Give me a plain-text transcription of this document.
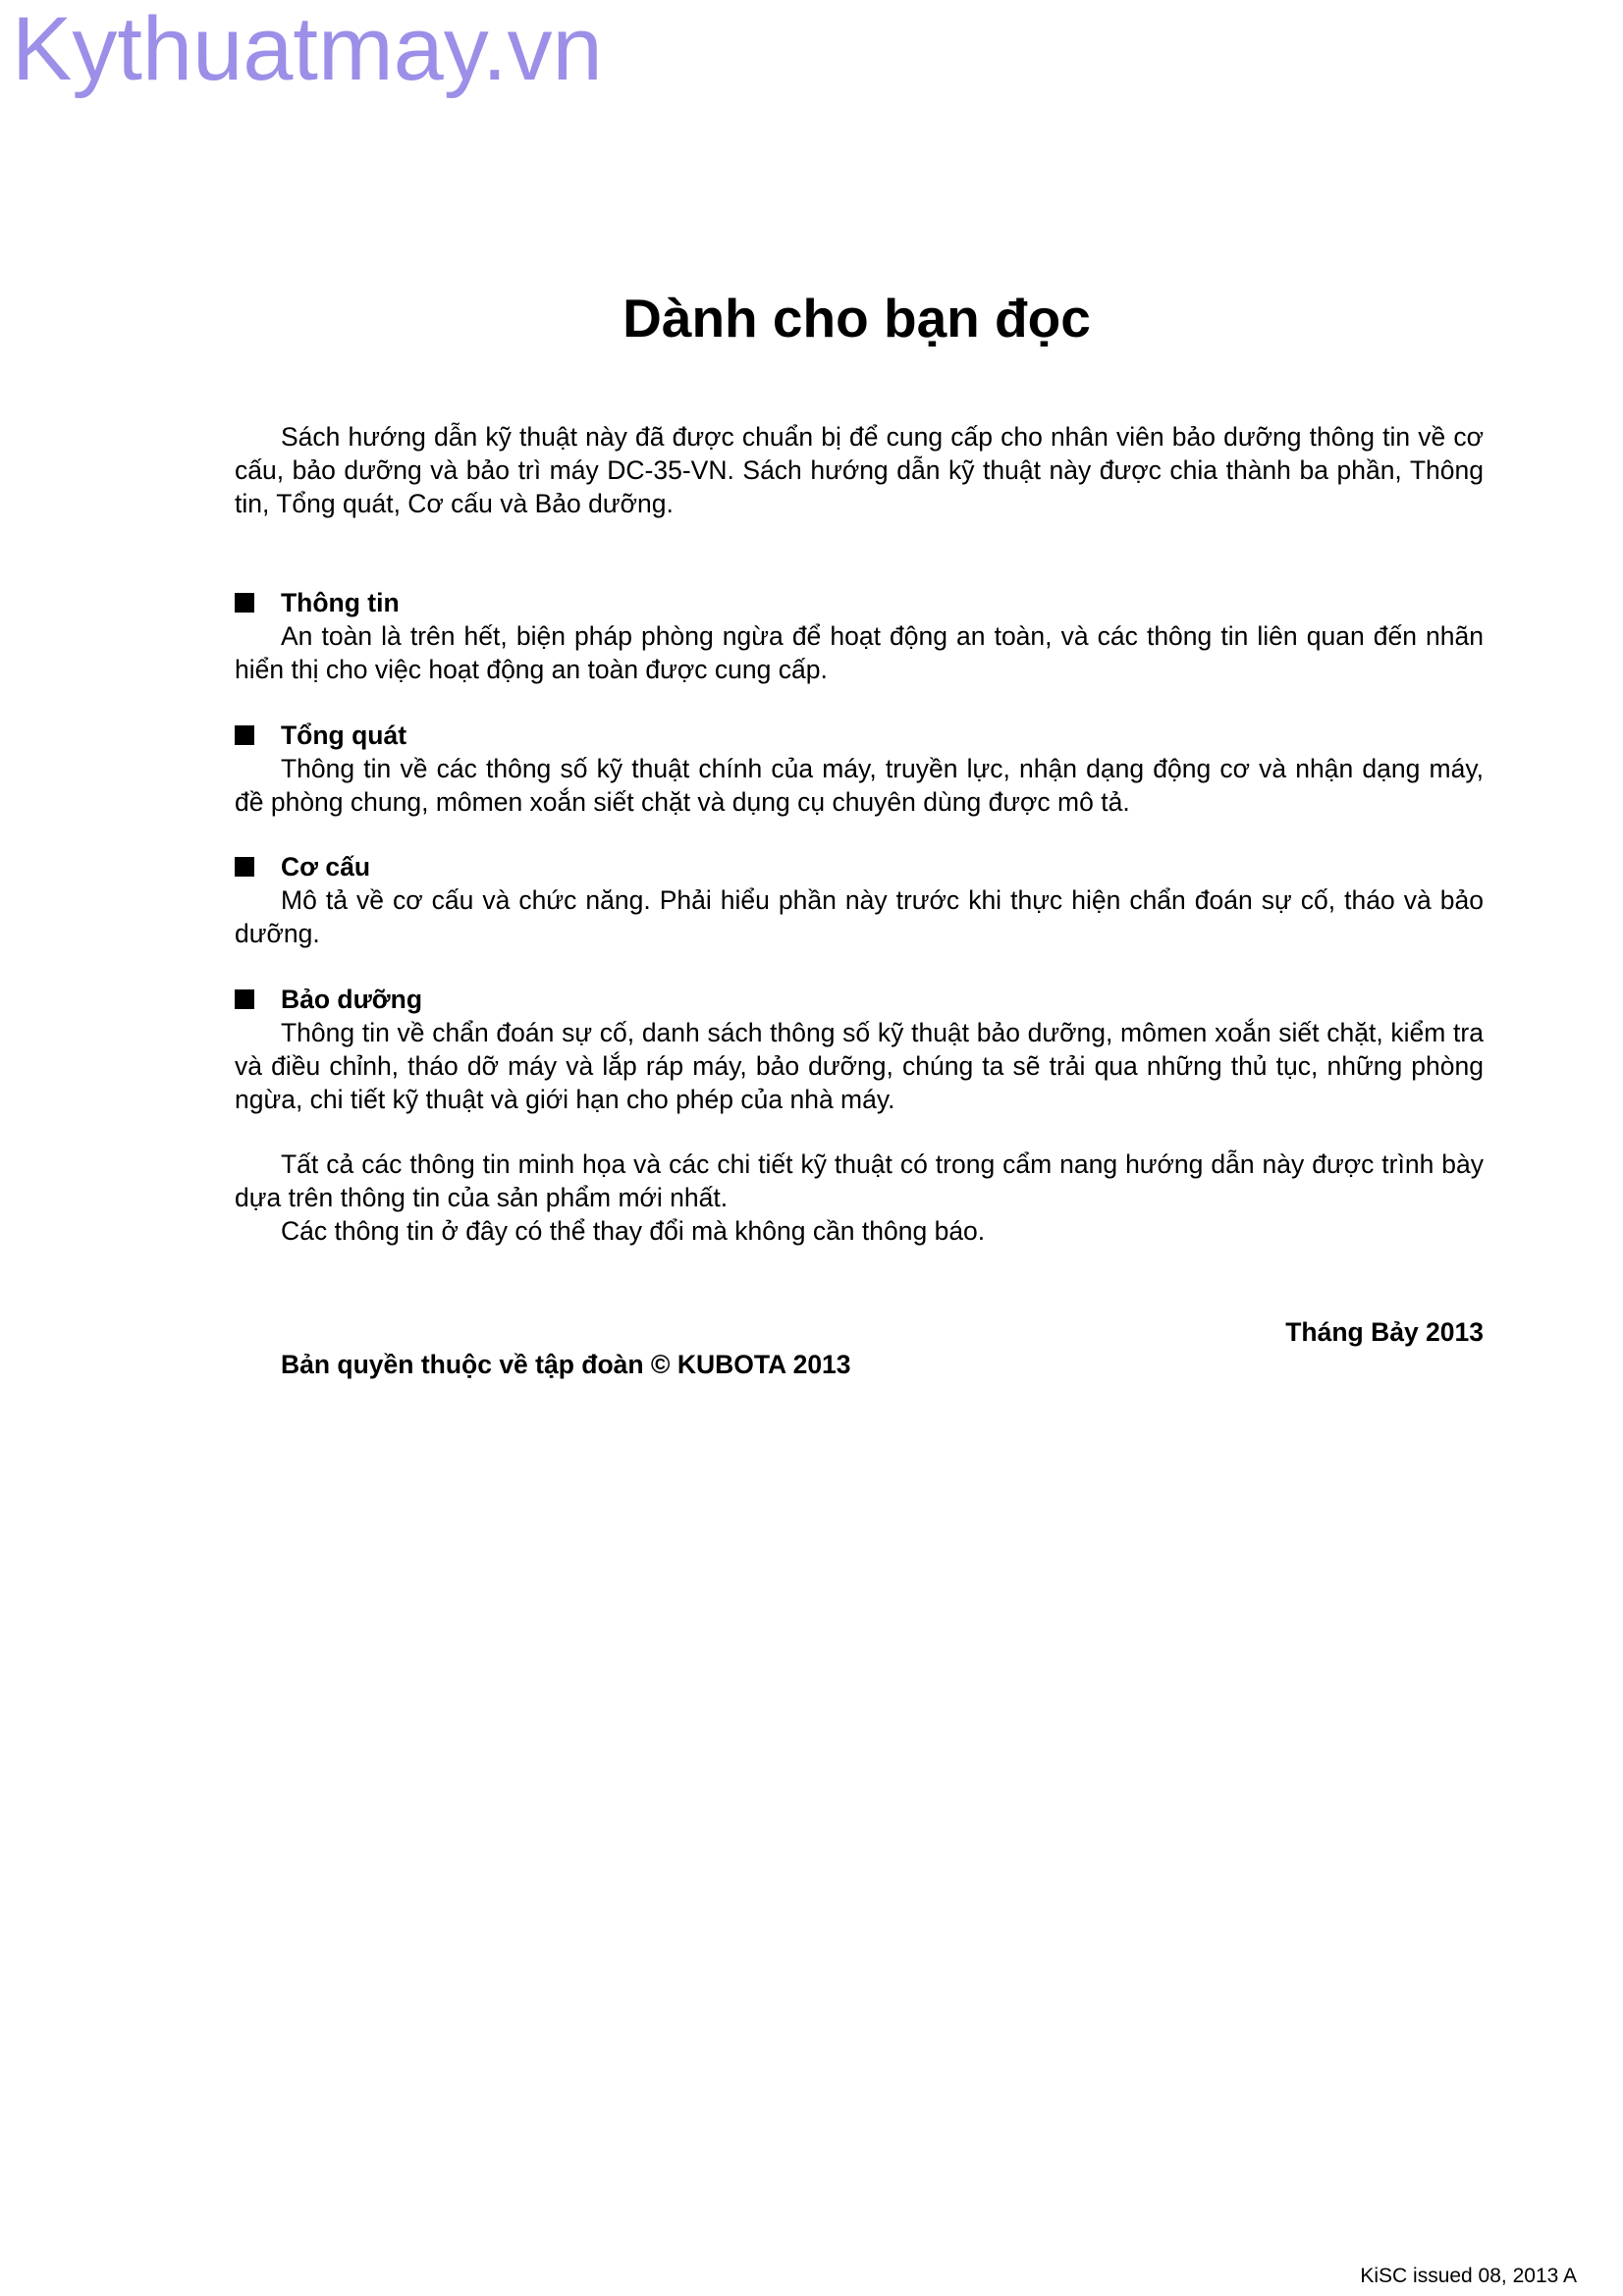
Kythuatmay.vn
Dành cho bạn đọc

Sách hướng dẫn kỹ thuật này đã được chuẩn bị để cung cấp cho nhân viên bảo dưỡng thông tin về cơ cấu, bảo dưỡng và bảo trì máy DC-35-VN. Sách hướng dẫn kỹ thuật này được chia thành ba phần, Thông tin, Tổng quát, Cơ cấu và Bảo dưỡng.

Thông tin

An toàn là trên hết, biện pháp phòng ngừa để hoạt động an toàn, và các thông tin liên quan đến nhãn hiển thị cho việc hoạt động an toàn được cung cấp.

Tổng quát

Thông tin về các thông số kỹ thuật chính của máy, truyền lực, nhận dạng động cơ và nhận dạng máy, đề phòng chung, mômen xoắn siết chặt và dụng cụ chuyên dùng được mô tả.

Cơ cấu

Mô tả về cơ cấu và chức năng. Phải hiểu phần này trước khi thực hiện chẩn đoán sự cố, tháo và bảo dưỡng.

Bảo dưỡng

Thông tin về chẩn đoán sự cố, danh sách thông số kỹ thuật bảo dưỡng, mômen xoắn siết chặt, kiểm tra và điều chỉnh, tháo dỡ máy và lắp ráp máy, bảo dưỡng, chúng ta sẽ trải qua những thủ tục, những phòng ngừa, chi tiết kỹ thuật và giới hạn cho phép của nhà máy.

Tất cả các thông tin minh họa và các chi tiết kỹ thuật có trong cẩm nang hướng dẫn này được trình bày dựa trên thông tin của sản phẩm mới nhất.

Các thông tin ở đây có thể thay đổi mà không cần thông báo.

Tháng Bảy 2013
Bản quyền thuộc về tập đoàn © KUBOTA 2013
KiSC issued 08, 2013 A
